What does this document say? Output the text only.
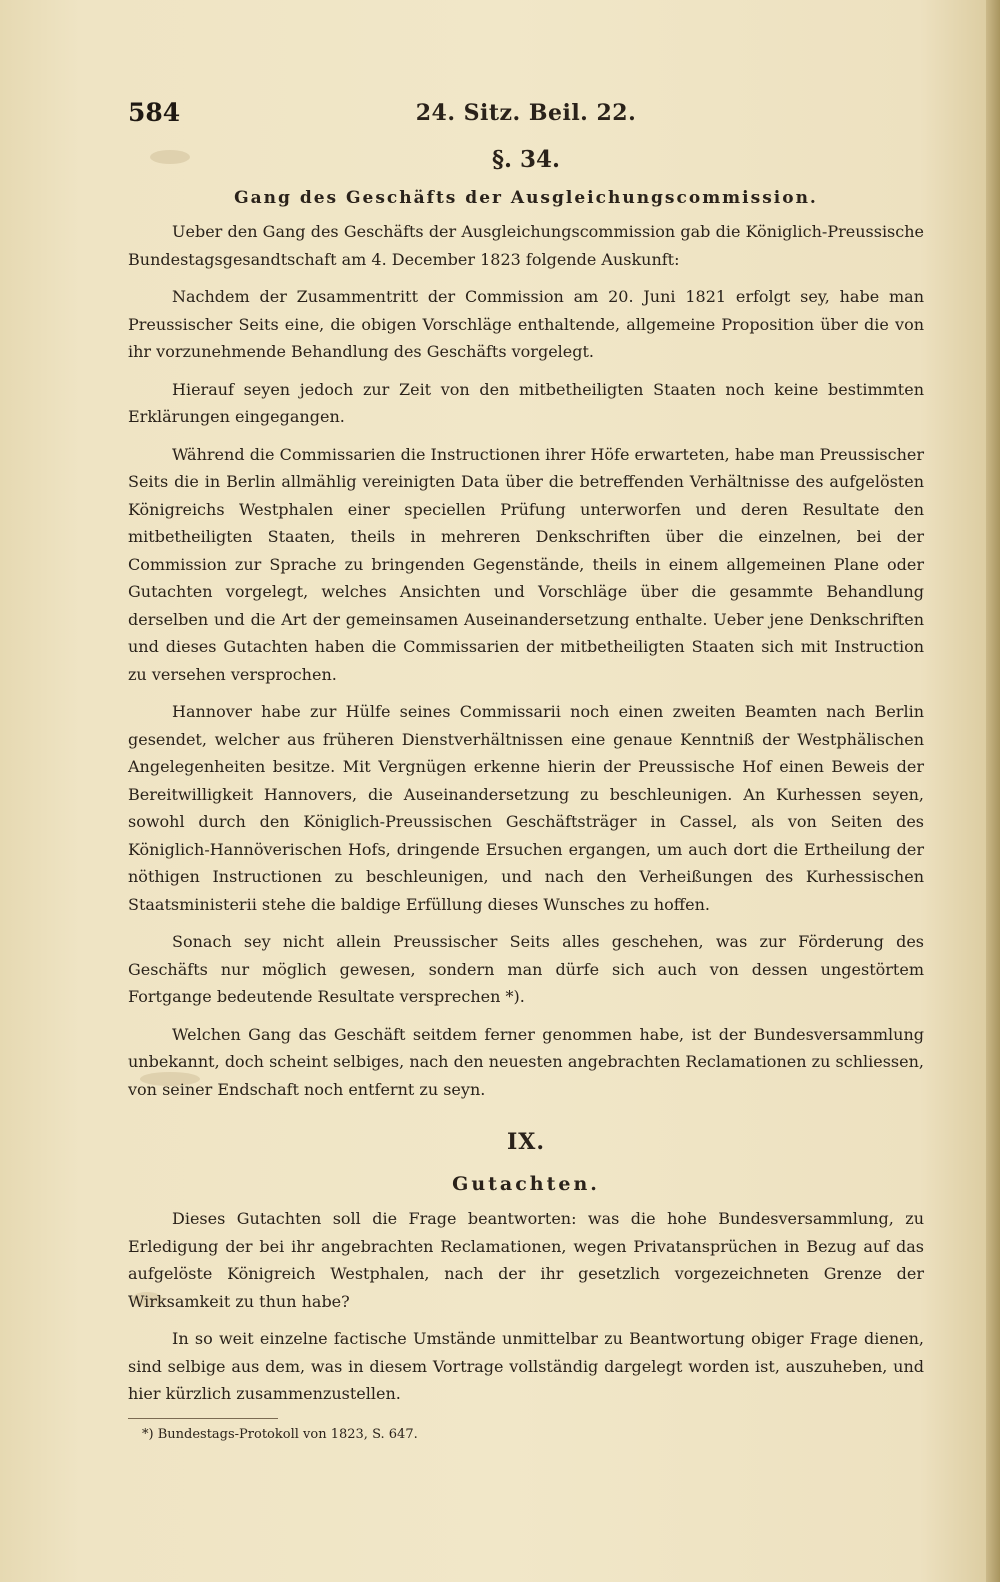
584	24. Sitz. Beil. 22.
§. 34.
Gang des Geschäfts der Ausgleichungscommission.

Ueber den Gang des Geschäfts der Ausgleichungscommission gab die Königlich-Preussische Bundestagsgesandtschaft am 4. December 1823 folgende Auskunft:

Nachdem der Zusammentritt der Commission am 20. Juni 1821 erfolgt sey, habe man Preussischer Seits eine, die obigen Vorschläge enthaltende, allgemeine Proposition über die von ihr vorzunehmende Behandlung des Geschäfts vorgelegt.

Hierauf seyen jedoch zur Zeit von den mitbetheiligten Staaten noch keine bestimmten Erklärungen eingegangen.

Während die Commissarien die Instructionen ihrer Höfe erwarteten, habe man Preussischer Seits die in Berlin allmählig vereinigten Data über die betreffenden Verhältnisse des aufgelösten Königreichs Westphalen einer speciellen Prüfung unterworfen und deren Resultate den mitbetheiligten Staaten, theils in mehreren Denkschriften über die einzelnen, bei der Commission zur Sprache zu bringenden Gegenstände, theils in einem allgemeinen Plane oder Gutachten vorgelegt, welches Ansichten und Vorschläge über die gesammte Behandlung derselben und die Art der gemeinsamen Auseinandersetzung enthalte. Ueber jene Denkschriften und dieses Gutachten haben die Commissarien der mitbetheiligten Staaten sich mit Instruction zu versehen versprochen.

Hannover habe zur Hülfe seines Commissarii noch einen zweiten Beamten nach Berlin gesendet, welcher aus früheren Dienstverhältnissen eine genaue Kenntniß der Westphälischen Angelegenheiten besitze. Mit Vergnügen erkenne hierin der Preussische Hof einen Beweis der Bereitwilligkeit Hannovers, die Auseinandersetzung zu beschleunigen. An Kurhessen seyen, sowohl durch den Königlich-Preussischen Geschäftsträger in Cassel, als von Seiten des Königlich-Hannöverischen Hofs, dringende Ersuchen ergangen, um auch dort die Ertheilung der nöthigen Instructionen zu beschleunigen, und nach den Verheißungen des Kurhessischen Staatsministerii stehe die baldige Erfüllung dieses Wunsches zu hoffen.

Sonach sey nicht allein Preussischer Seits alles geschehen, was zur Förderung des Geschäfts nur möglich gewesen, sondern man dürfe sich auch von dessen ungestörtem Fortgange bedeutende Resultate versprechen *).

Welchen Gang das Geschäft seitdem ferner genommen habe, ist der Bundesversammlung unbekannt, doch scheint selbiges, nach den neuesten angebrachten Reclamationen zu schliessen, von seiner Endschaft noch entfernt zu seyn.

IX.
Gutachten.

Dieses Gutachten soll die Frage beantworten: was die hohe Bundesversammlung, zu Erledigung der bei ihr angebrachten Reclamationen, wegen Privatansprüchen in Bezug auf das aufgelöste Königreich Westphalen, nach der ihr gesetzlich vorgezeichneten Grenze der Wirksamkeit zu thun habe?

In so weit einzelne factische Umstände unmittelbar zu Beantwortung obiger Frage dienen, sind selbige aus dem, was in diesem Vortrage vollständig dargelegt worden ist, auszuheben, und hier kürzlich zusammenzustellen.

*) Bundestags-Protokoll von 1823, S. 647.
